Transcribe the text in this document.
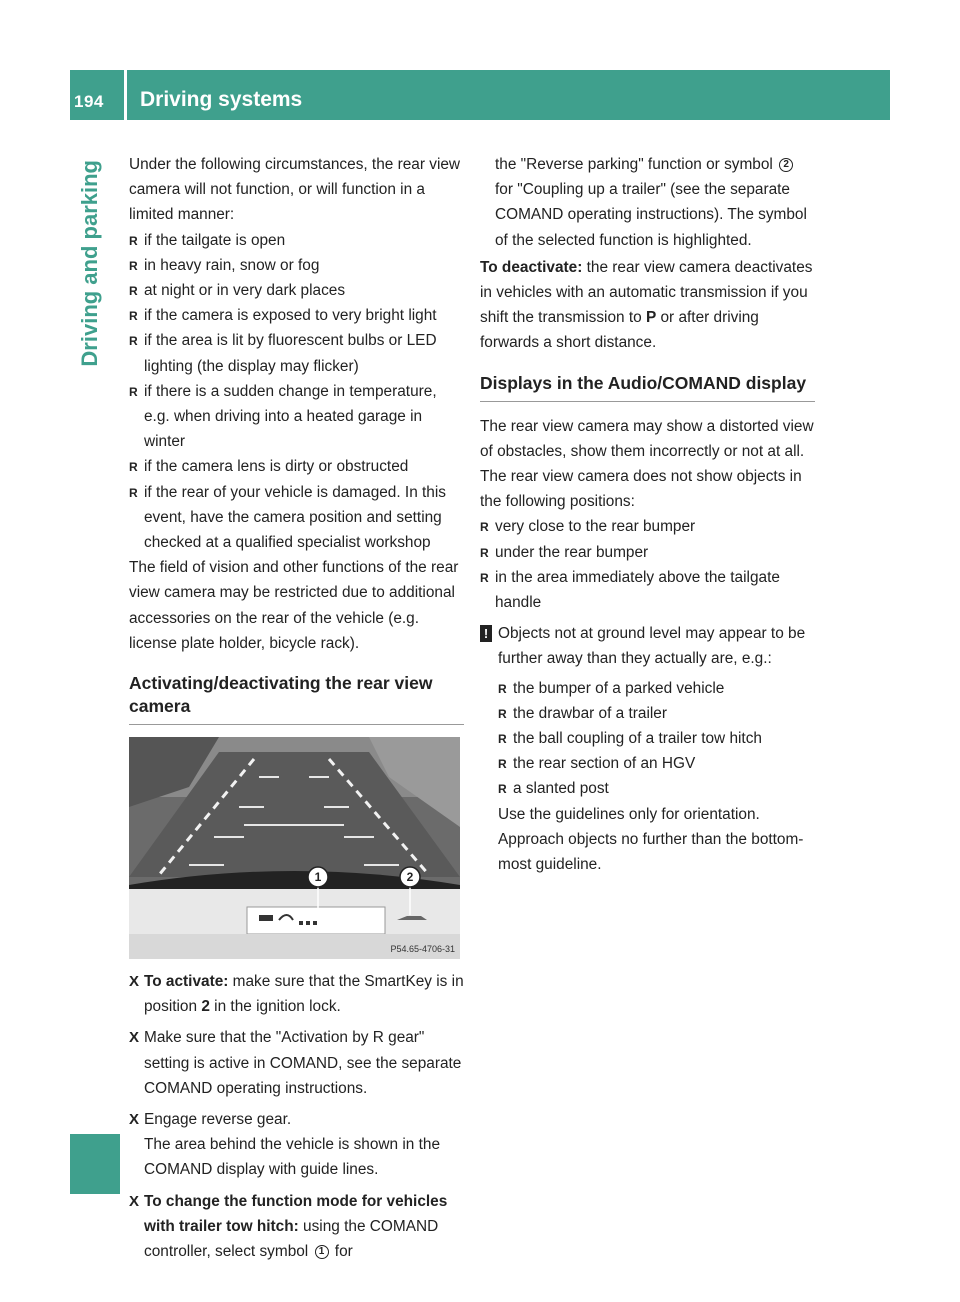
194 Driving systems
Driving and parking Under the following circumstances, the rear view camera will not function, or will function in a limited manner:

R if the tailgate is open
R in heavy rain, snow or fog
R at night or in very dark places
R if the camera is exposed to very bright light
R if the area is lit by fluorescent bulbs or LED lighting (the display may flicker)
R if there is a sudden change in temperature, e.g. when driving into a heated garage in winter
R if the camera lens is dirty or obstructed
R if the rear of your vehicle is damaged. In this event, have the camera position and setting checked at a qualified specialist workshop

The field of vision and other functions of the rear view camera may be restricted due to additional accessories on the rear of the vehicle (e.g. license plate holder, bicycle rack).

Activating/deactivating the rear view camera
1	2
P54.65-4706-31
X To activate: make sure that the SmartKey is in position 2 in the ignition lock.
X Make sure that the "Activation by R gear" setting is active in COMAND, see the separate COMAND operating instructions.
X Engage reverse gear.
The area behind the vehicle is shown in the COMAND display with guide lines.
X To change the function mode for vehicles with trailer tow hitch: using the COMAND controller, select symbol 1 for

the "Reverse parking" function or symbol 2 for "Coupling up a trailer" (see the separate COMAND operating instructions). The symbol of the selected function is highlighted.

To deactivate: the rear view camera deactivates in vehicles with an automatic transmission if you shift the transmission to P or after driving forwards a short distance.

Displays in the Audio/COMAND display

The rear view camera may show a distorted view of obstacles, show them incorrectly or not at all. The rear view camera does not show objects in the following positions:

R very close to the rear bumper
R under the rear bumper
R in the area immediately above the tailgate handle
! Objects not at ground level may appear to be further away than they actually are, e.g.:

R the bumper of a parked vehicle
R the drawbar of a trailer
R the ball coupling of a trailer tow hitch
R the rear section of an HGV
R a slanted post

Use the guidelines only for orientation. Approach objects no further than the bottom-most guideline.
